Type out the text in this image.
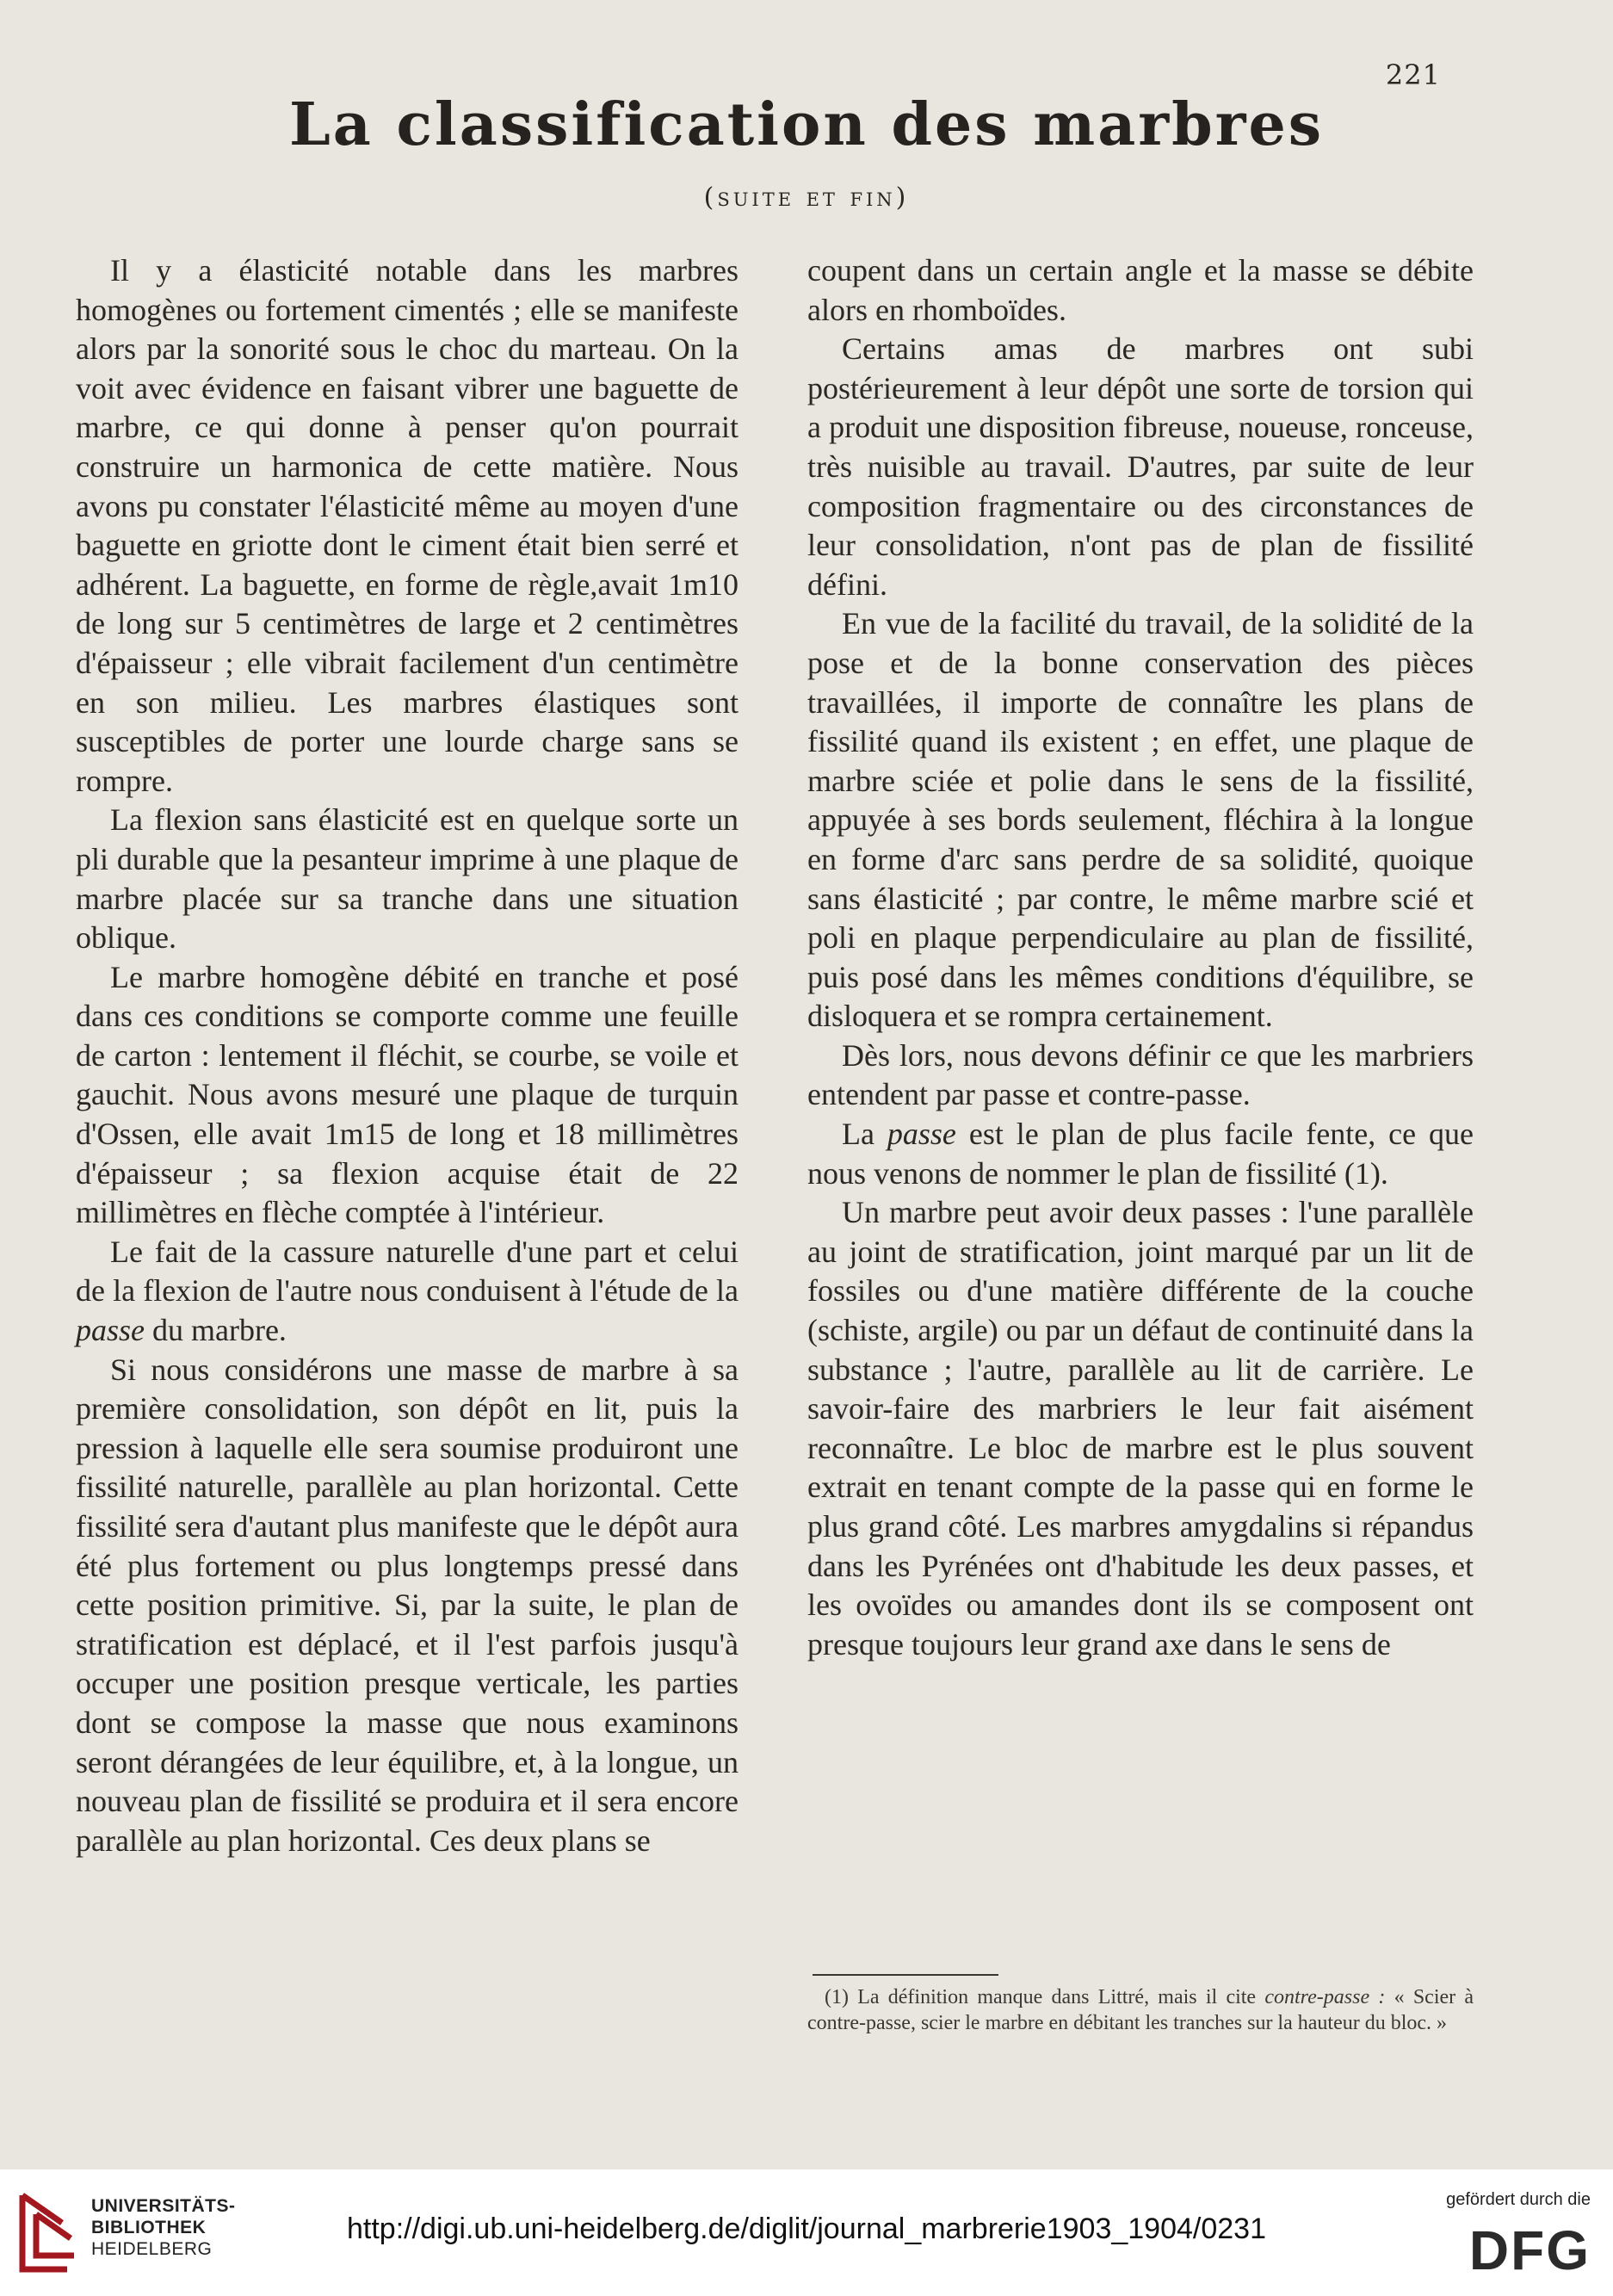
221
La classification des marbres
(suite et fin)

Il y a élasticité notable dans les marbres homogènes ou fortement cimentés ; elle se manifeste alors par la sonorité sous le choc du marteau. On la voit avec évidence en faisant vibrer une baguette de marbre, ce qui donne à penser qu'on pourrait construire un harmonica de cette matière. Nous avons pu constater l'élasticité même au moyen d'une baguette en griotte dont le ciment était bien serré et adhérent. La baguette, en forme de règle,avait 1m10 de long sur 5 centimètres de large et 2 centimètres d'épaisseur ; elle vibrait facilement d'un centimètre en son milieu. Les marbres élastiques sont susceptibles de porter une lourde charge sans se rompre.

La flexion sans élasticité est en quelque sorte un pli durable que la pesanteur imprime à une plaque de marbre placée sur sa tranche dans une situation oblique.

Le marbre homogène débité en tranche et posé dans ces conditions se comporte comme une feuille de carton : lentement il fléchit, se courbe, se voile et gauchit. Nous avons mesuré une plaque de turquin d'Ossen, elle avait 1m15 de long et 18 millimètres d'épaisseur ; sa flexion acquise était de 22 millimètres en flèche comptée à l'intérieur.

Le fait de la cassure naturelle d'une part et celui de la flexion de l'autre nous conduisent à l'étude de la passe du marbre.

Si nous considérons une masse de marbre à sa première consolidation, son dépôt en lit, puis la pression à laquelle elle sera soumise produiront une fissilité naturelle, parallèle au plan horizontal. Cette fissilité sera d'autant plus manifeste que le dépôt aura été plus fortement ou plus longtemps pressé dans cette position primitive. Si, par la suite, le plan de stratification est déplacé, et il l'est parfois jusqu'à occuper une position presque verticale, les parties dont se compose la masse que nous examinons seront dérangées de leur équilibre, et, à la longue, un nouveau plan de fissilité se produira et il sera encore parallèle au plan horizontal. Ces deux plans se

coupent dans un certain angle et la masse se débite alors en rhomboïdes.

Certains amas de marbres ont subi postérieurement à leur dépôt une sorte de torsion qui a produit une disposition fibreuse, noueuse, ronceuse, très nuisible au travail. D'autres, par suite de leur composition fragmentaire ou des circonstances de leur consolidation, n'ont pas de plan de fissilité défini.

En vue de la facilité du travail, de la solidité de la pose et de la bonne conservation des pièces travaillées, il importe de connaître les plans de fissilité quand ils existent ; en effet, une plaque de marbre sciée et polie dans le sens de la fissilité, appuyée à ses bords seulement, fléchira à la longue en forme d'arc sans perdre de sa solidité, quoique sans élasticité ; par contre, le même marbre scié et poli en plaque perpendiculaire au plan de fissilité, puis posé dans les mêmes conditions d'équilibre, se disloquera et se rompra certainement.

Dès lors, nous devons définir ce que les marbriers entendent par passe et contre-passe.

La passe est le plan de plus facile fente, ce que nous venons de nommer le plan de fissilité (1).

Un marbre peut avoir deux passes : l'une parallèle au joint de stratification, joint marqué par un lit de fossiles ou d'une matière différente de la couche (schiste, argile) ou par un défaut de continuité dans la substance ; l'autre, parallèle au lit de carrière. Le savoir-faire des marbriers le leur fait aisément reconnaître. Le bloc de marbre est le plus souvent extrait en tenant compte de la passe qui en forme le plus grand côté. Les marbres amygdalins si répandus dans les Pyrénées ont d'habitude les deux passes, et les ovoïdes ou amandes dont ils se composent ont presque toujours leur grand axe dans le sens de

(1) La définition manque dans Littré, mais il cite contre-passe : « Scier à contre-passe, scier le marbre en débitant les tranches sur la hauteur du bloc. »

UNIVERSITÄTS-
BIBLIOTHEK
HEIDELBERG
http://digi.ub.uni-heidelberg.de/diglit/journal_marbrerie1903_1904/0231
gefördert durch die
DFG
